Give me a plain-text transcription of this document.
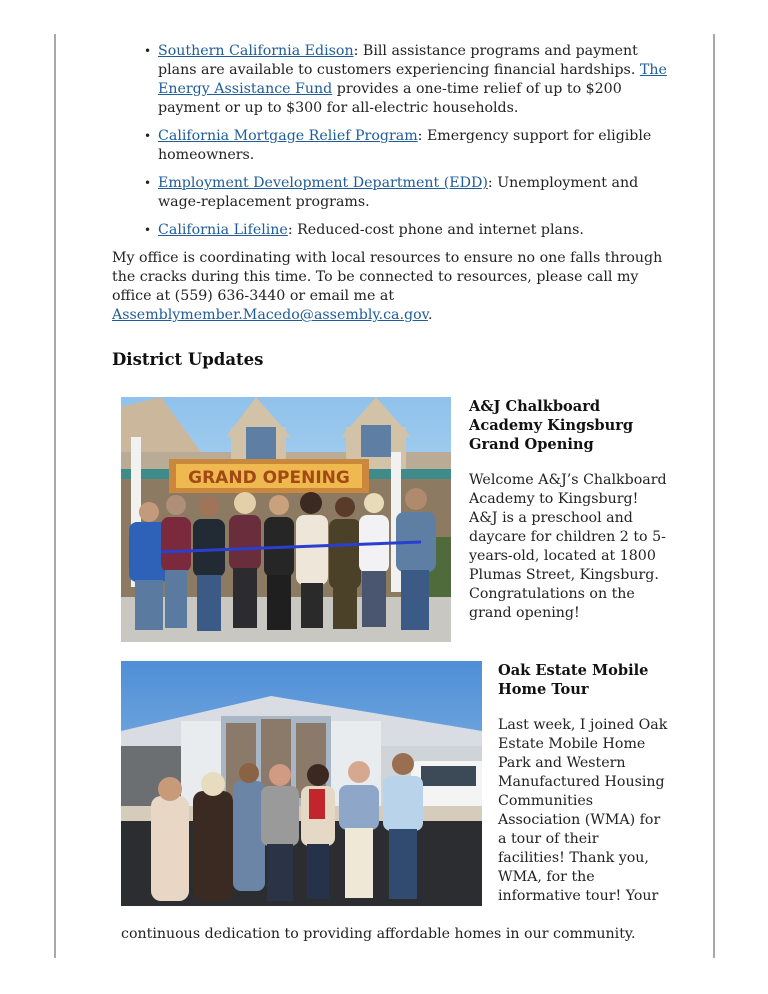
• Southern California Edison: Bill assistance programs and payment plans are available to customers experiencing financial hardships. The Energy Assistance Fund provides a one-time relief of up to $200 payment or up to $300 for all-electric households.
• California Mortgage Relief Program: Emergency support for eligible homeowners.
• Employment Development Department (EDD): Unemployment and wage-replacement programs.
• California Lifeline: Reduced-cost phone and internet plans.

My office is coordinating with local resources to ensure no one falls through the cracks during this time. To be connected to resources, please call my office at (559) 636-3440 or email me at Assemblymember.Macedo@assembly.ca.gov.

District Updates
GRAND OPENING
A&J Chalkboard Academy Kingsburg Grand Opening

Welcome A&J’s Chalkboard Academy to Kingsburg! A&J is a preschool and daycare for children 2 to 5-years-old, located at 1800 Plumas Street, Kingsburg. Congratulations on the grand opening!

Oak Estate Mobile Home Tour

Last week, I joined Oak Estate Mobile Home Park and Western Manufactured Housing Communities Association (WMA) for a tour of their facilities! Thank you, WMA, for the informative tour! Your

continuous dedication to providing affordable homes in our community.
